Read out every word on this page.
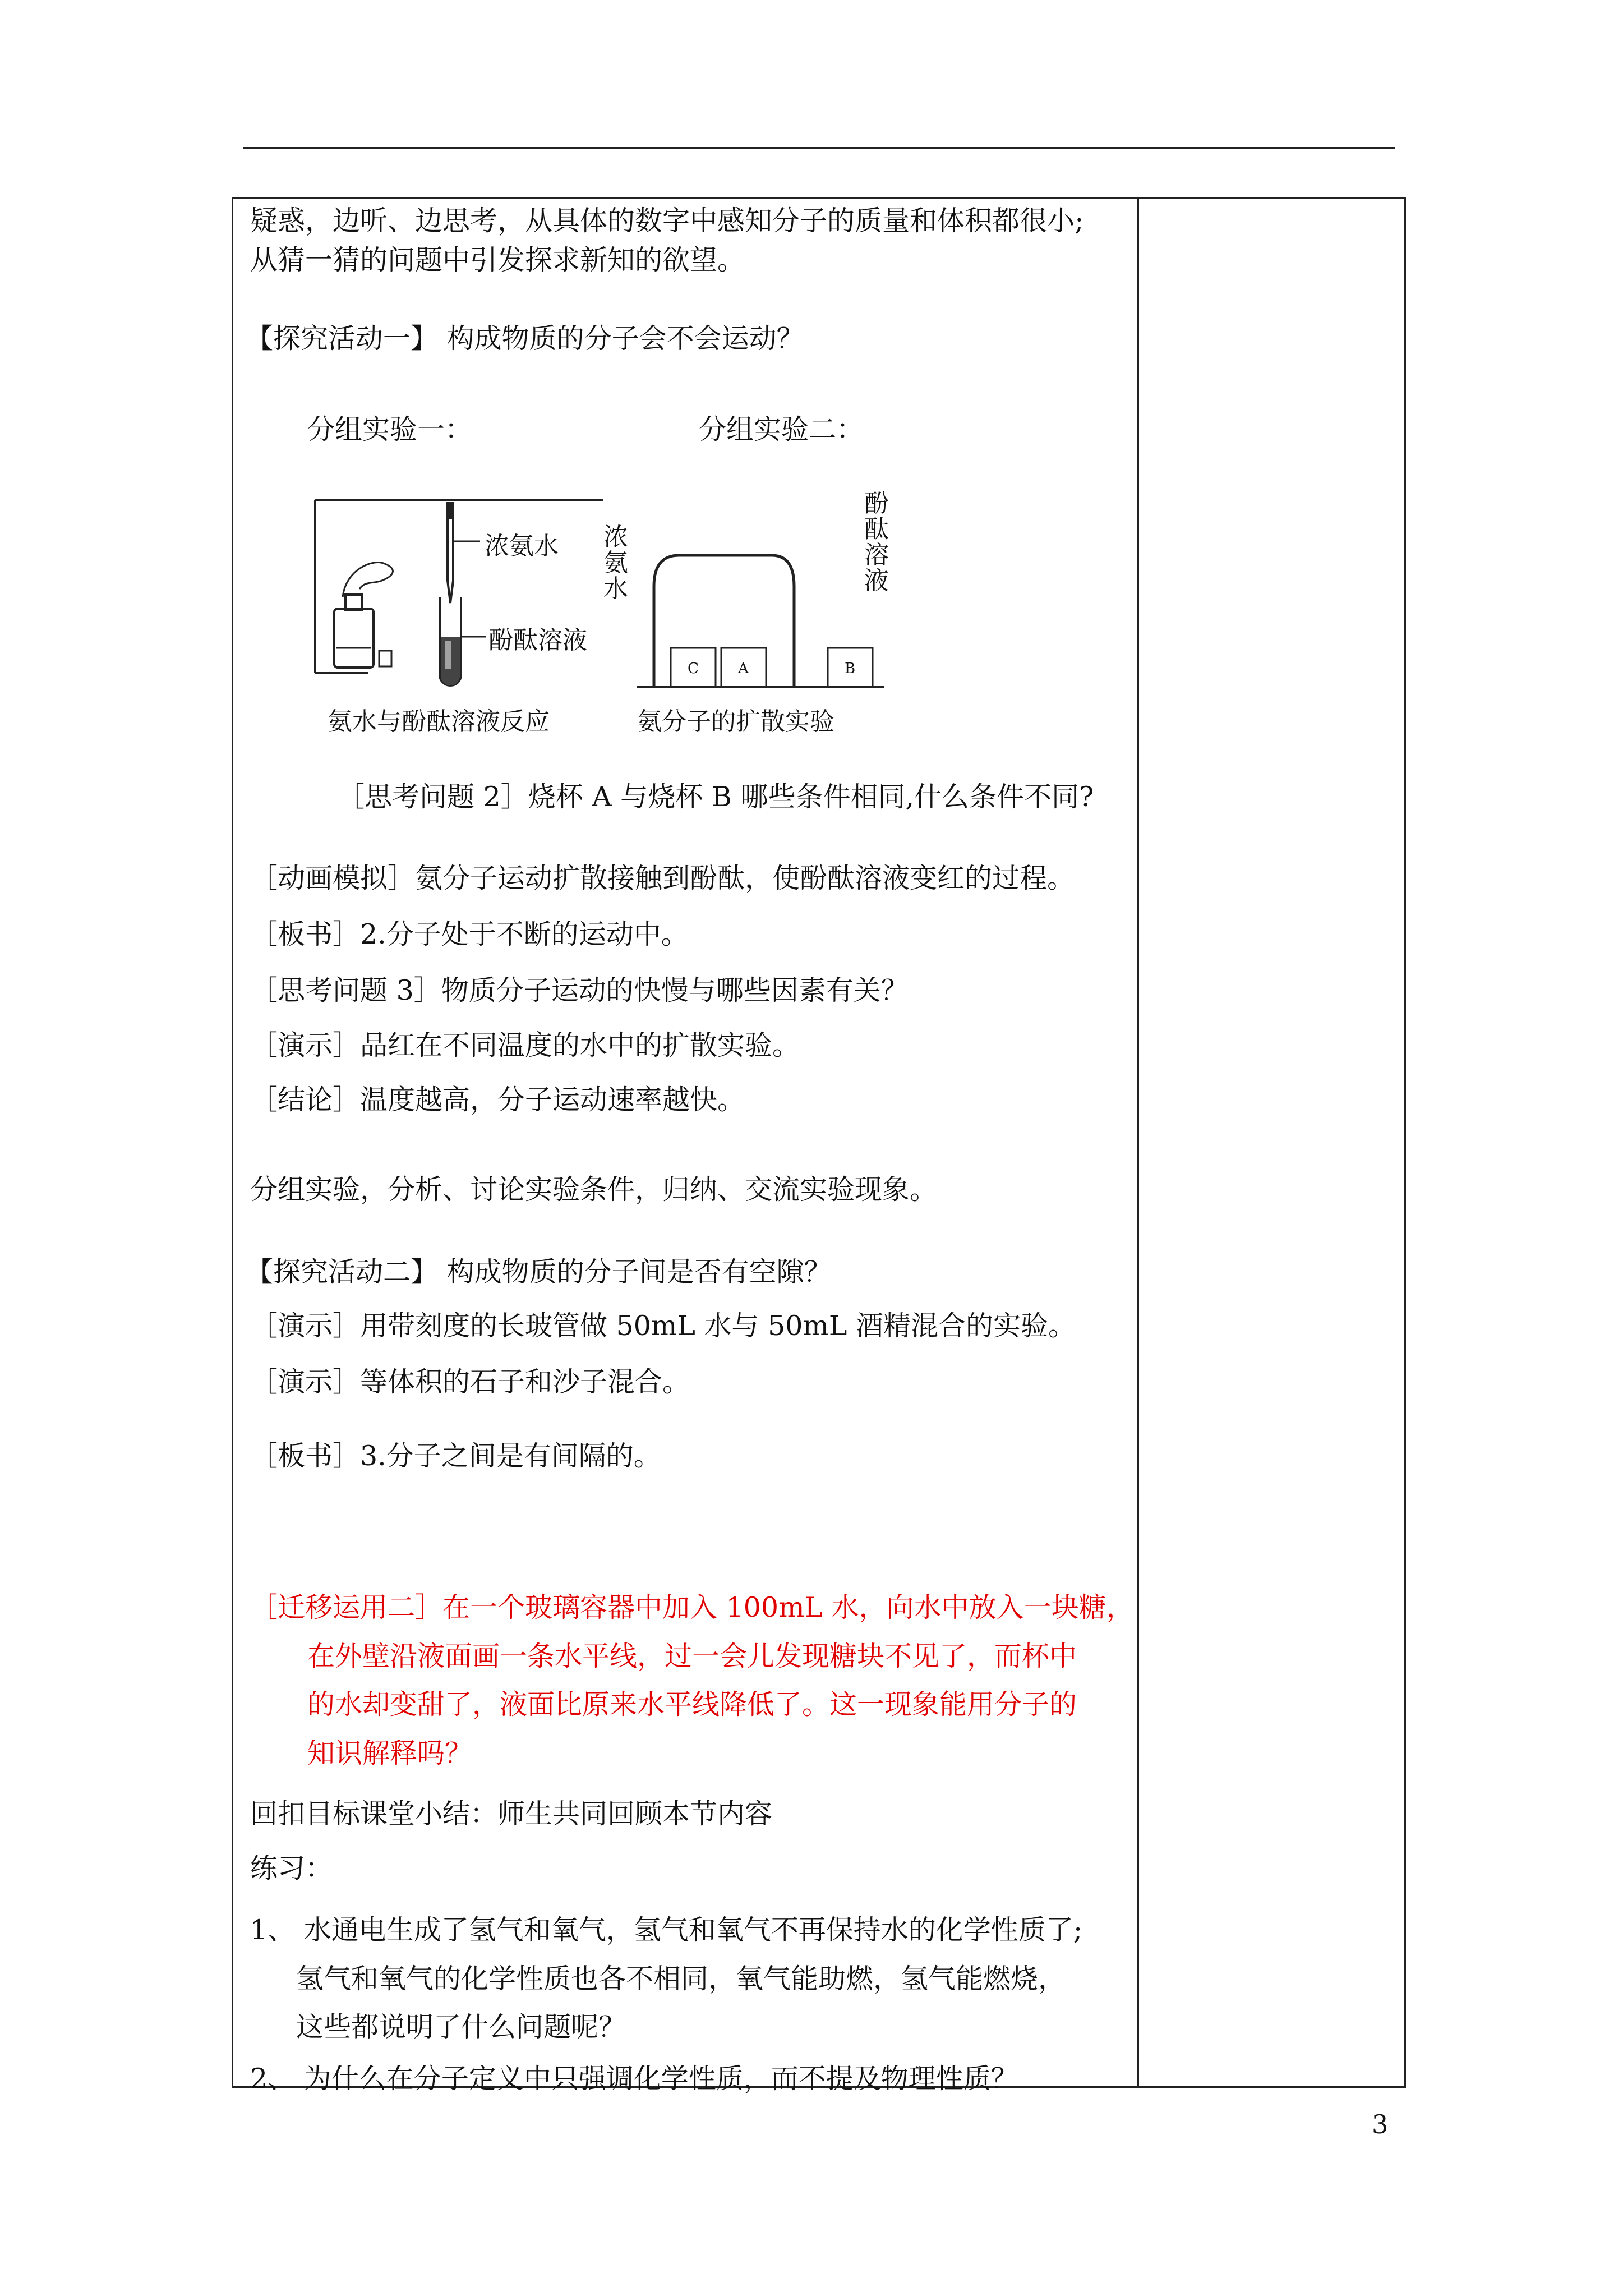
疑惑，边听、边思考，从具体的数字中感知分子的质量和体积都很小;
从猜一猜的问题中引发探求新知的欲望。
【探究活动一】 构成物质的分子会不会运动？
分组实验一：	分组实验二：
浓氨水
酚酞溶液
氨水与酚酞溶液反应
浓氨水
酚酞溶液
C	A	B
氨分子的扩散实验
［思考问题 2］烧杯 A 与烧杯 B 哪些条件相同,什么条件不同?
［动画模拟］氨分子运动扩散接触到酚酞，使酚酞溶液变红的过程。
［板书］2.分子处于不断的运动中。
［思考问题 3］物质分子运动的快慢与哪些因素有关？
［演示］品红在不同温度的水中的扩散实验。
［结论］温度越高，分子运动速率越快。
分组实验，分析、讨论实验条件，归纳、交流实验现象。
【探究活动二】 构成物质的分子间是否有空隙？
［演示］用带刻度的长玻管做 50mL 水与 50mL 酒精混合的实验。
［演示］等体积的石子和沙子混合。
［板书］3.分子之间是有间隔的。
［迁移运用二］在一个玻璃容器中加入 100mL 水，向水中放入一块糖，
在外壁沿液面画一条水平线，过一会儿发现糖块不见了，而杯中
的水却变甜了，液面比原来水平线降低了。这一现象能用分子的
知识解释吗？
回扣目标课堂小结：师生共同回顾本节内容
练习：
1、 水通电生成了氢气和氧气，氢气和氧气不再保持水的化学性质了;
氢气和氧气的化学性质也各不相同，氧气能助燃，氢气能燃烧，
这些都说明了什么问题呢？
2、 为什么在分子定义中只强调化学性质，而不提及物理性质？
3
